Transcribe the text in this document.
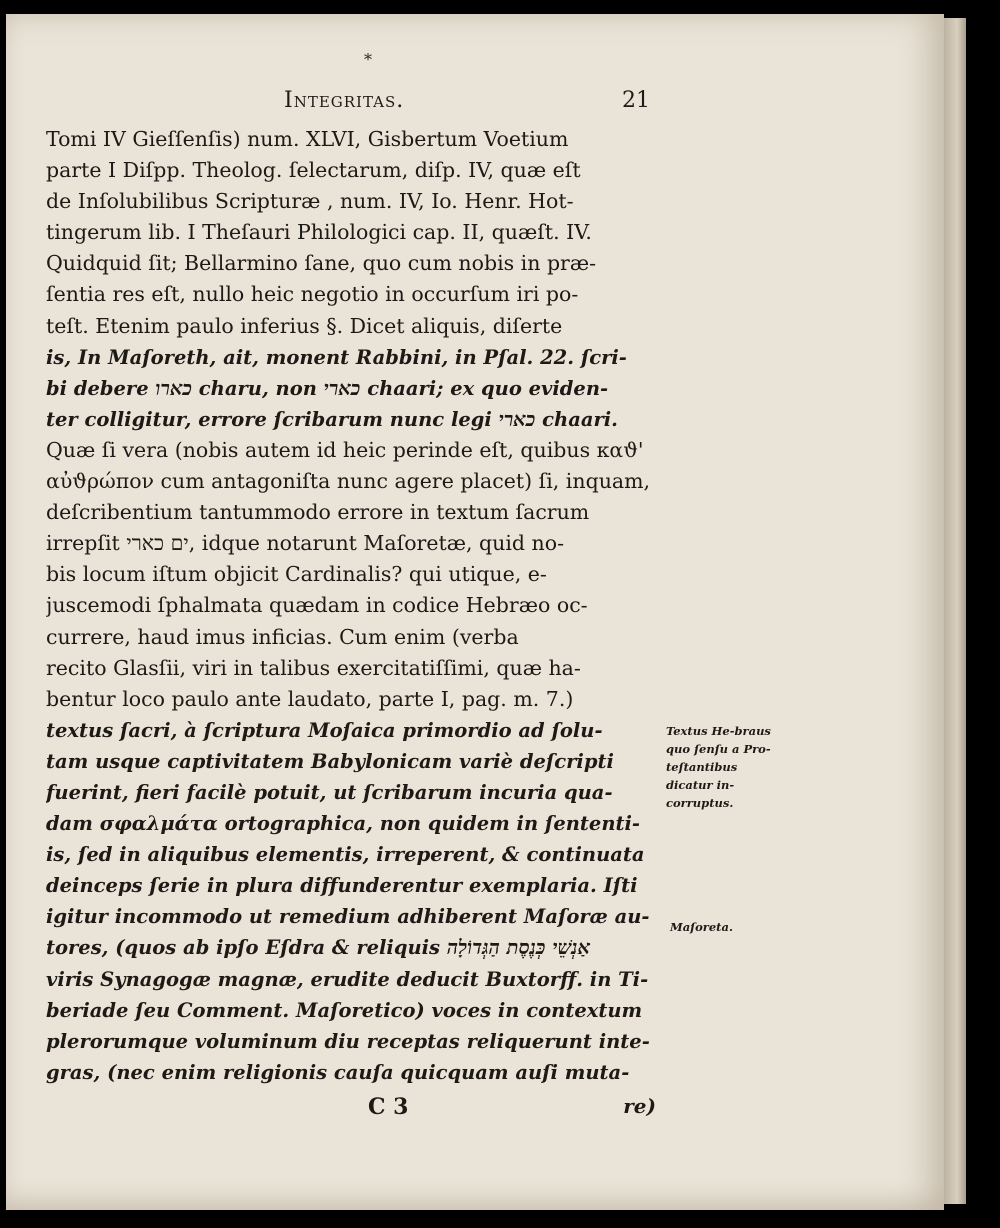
*
Integritas.	21
Tomi IV Gieſſenſis) num. XLVI, Gisbertum Voetium
parte I Diſpp. Theolog. ſelectarum, diſp. IV, quæ eſt
de Inſolubilibus Scripturæ , num. IV, Io. Henr. Hot-
tingerum lib. I Theſauri Philologici cap. II, quæſt. IV.
Quidquid ſit; Bellarmino ſane, quo cum nobis in præ-
ſentia res eſt, nullo heic negotio in occurſum iri po-
teſt. Etenim paulo inferius §. Dicet aliquis, diſerte
is, In Maſoreth, ait, monent Rabbini, in Pſal. 22. ſcri-
bi debere כארו charu, non כארי chaari; ex quo eviden-
ter colligitur, errore ſcribarum nunc legi כארי chaari.
Quæ ſi vera (nobis autem id heic perinde eſt, quibus καϑ'
αὐϑρώπον cum antagoniſta nunc agere placet) ſi, inquam,
deſcribentium tantummodo errore in textum ſacrum
irrepſit ים כארי, idque notarunt Maſoretæ, quid no-
bis locum iſtum objicit Cardinalis? qui utique, e-
juscemodi ſphalmata quædam in codice Hebræo oc-
currere, haud imus inficias. Cum enim (verba
recito Glasſii, viri in talibus exercitatiſſimi, quæ ha-
bentur loco paulo ante laudato, parte I, pag. m. 7.)
textus ſacri, à ſcriptura Moſaica primordio ad ſolu-
tam usque captivitatem Babylonicam variè deſcripti
fuerint, fieri facilè potuit, ut ſcribarum incuria qua-
dam σφαλμάτα ortographica, non quidem in ſententi-
is, ſed in aliquibus elementis, irreperent, & continuata
deinceps ſerie in plura diffunderentur exemplaria. Iſti
igitur incommodo ut remedium adhiberent Maſoræ au-
tores, (quos ab ipſo Eſdra & reliquis אַנְשֵׁי כְּנֶסֶת הַגְּדוֹלָה
viris Synagogæ magnæ, erudite deducit Buxtorff. in Ti-
beriade ſeu Comment. Maſoretico) voces in contextum
plerorumque voluminum diu receptas reliquerunt inte-
gras, (nec enim religionis cauſa quicquam auſi muta-
C 3	re)
Textus He-braus quo ſenſu a Pro-teſtantibus dicatur in-corruptus.
Maſoreta.
